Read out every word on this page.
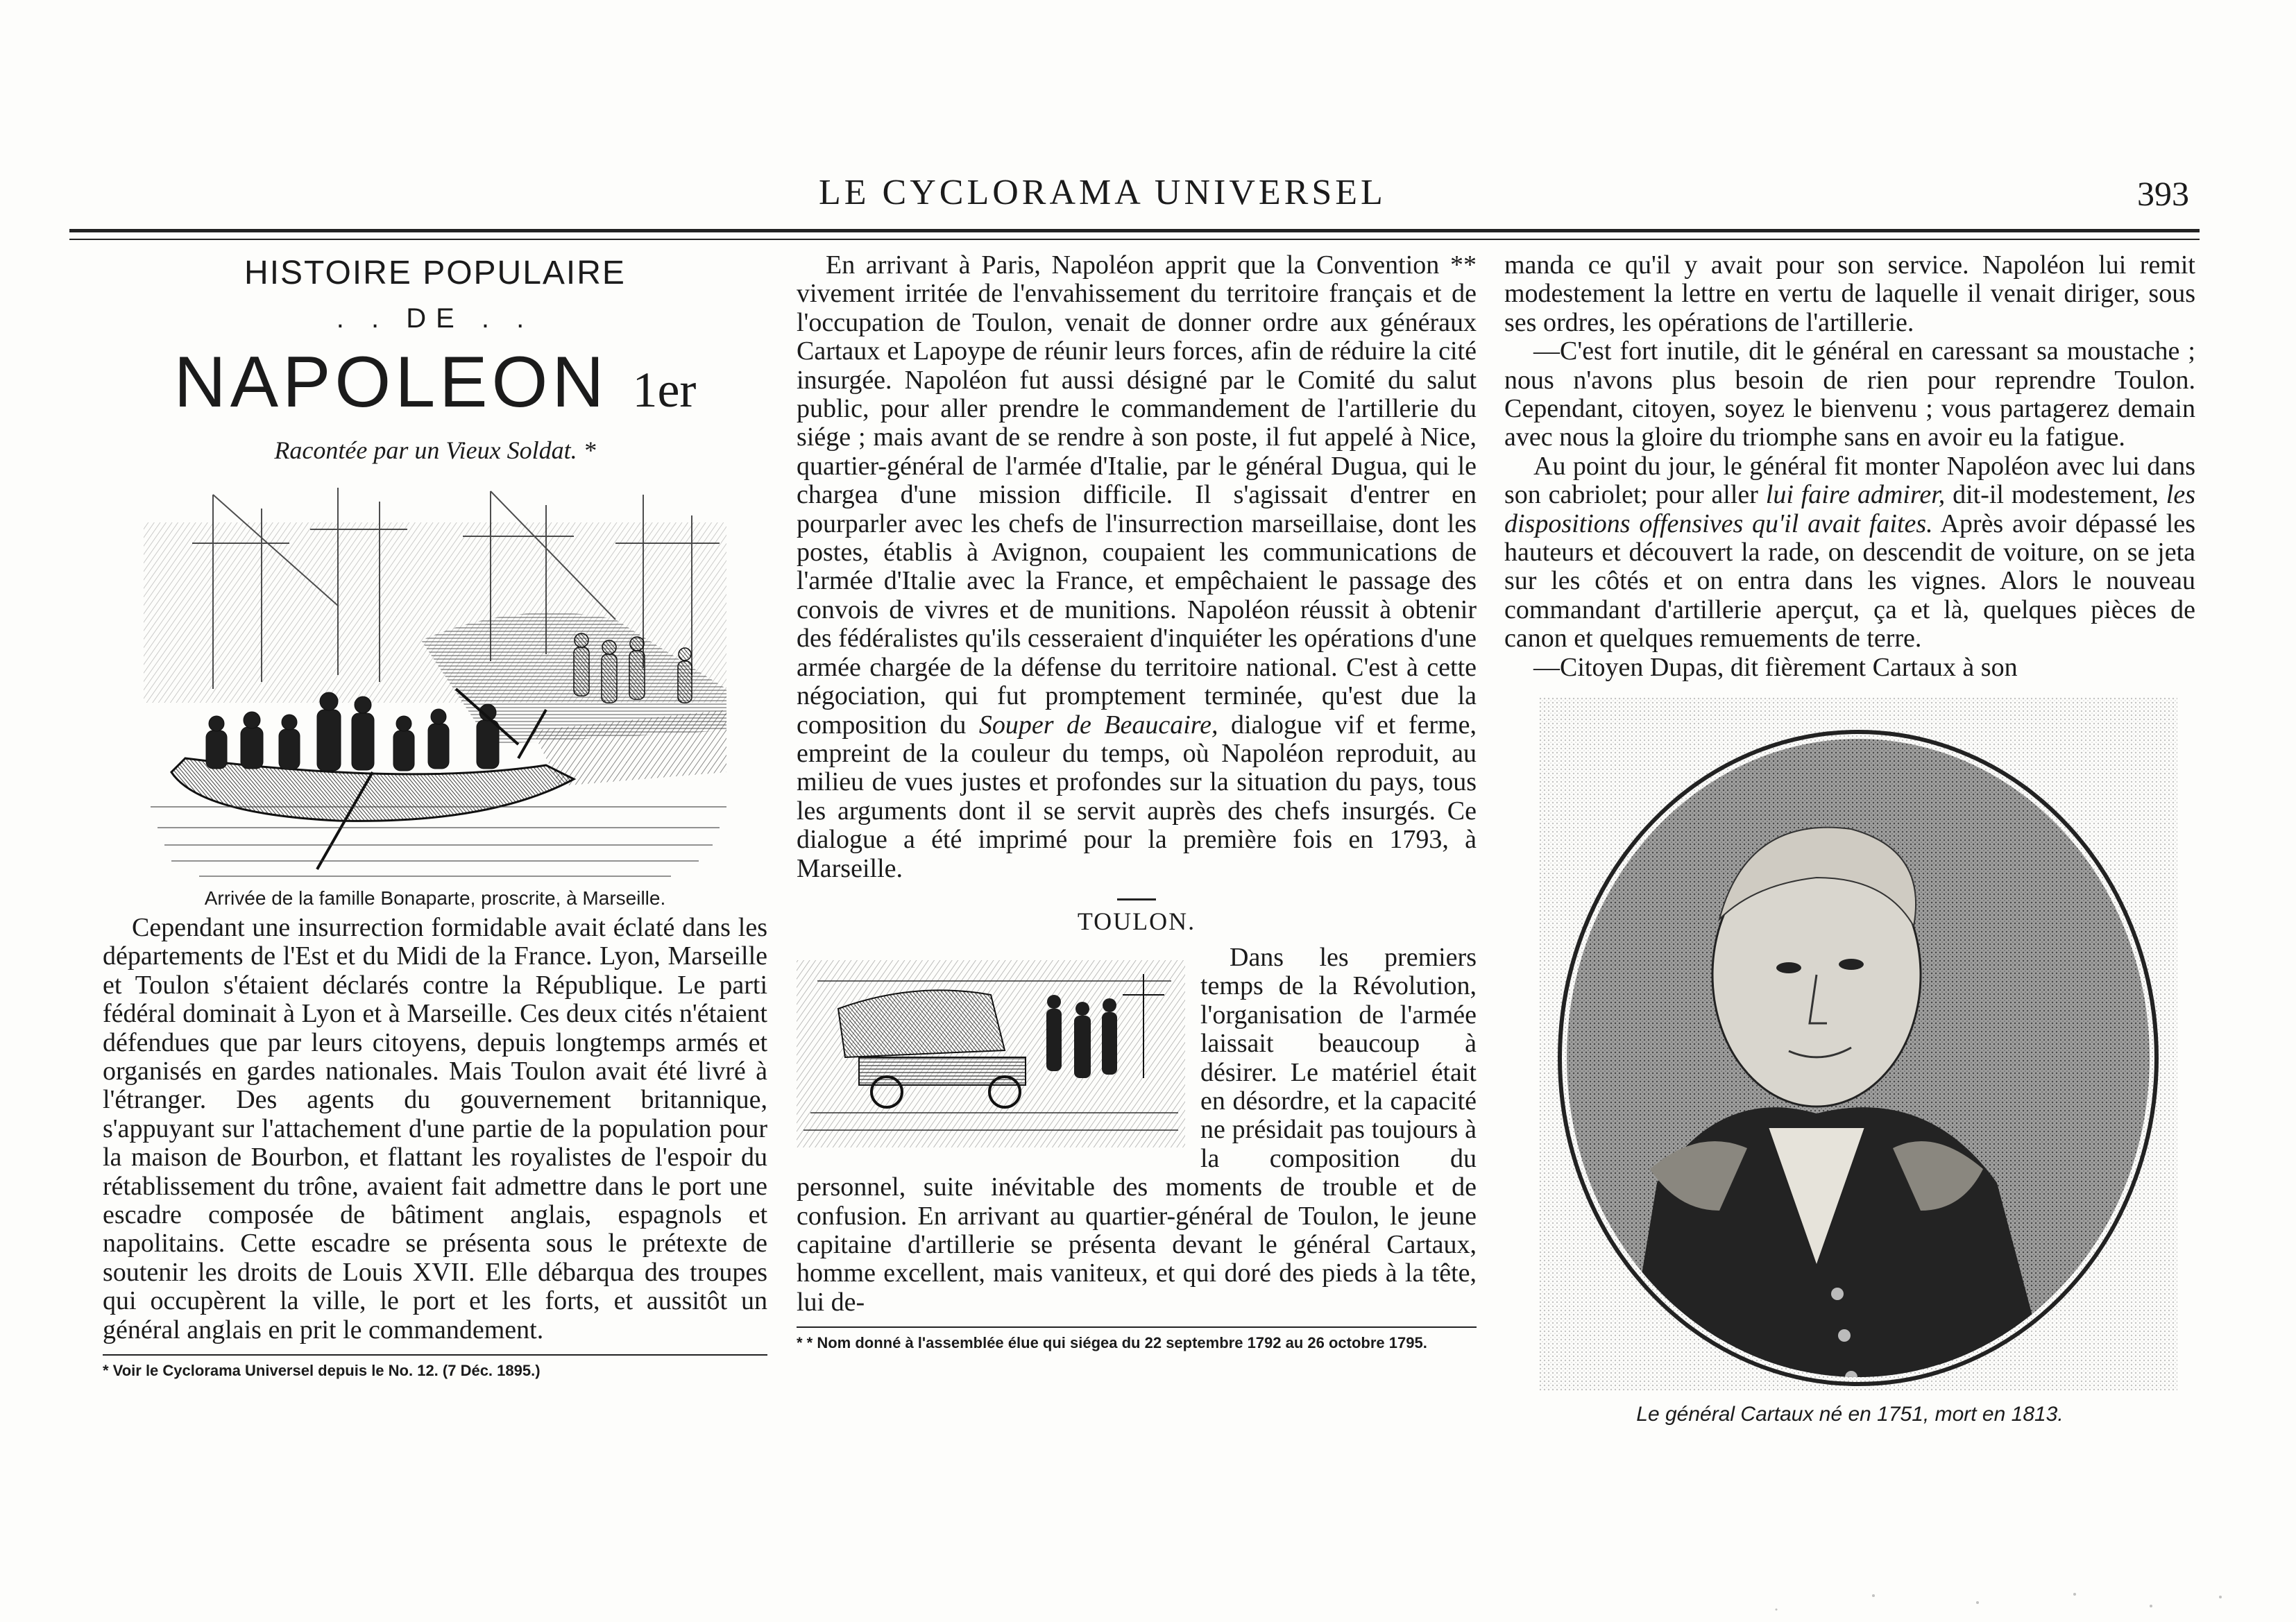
LE CYCLORAMA UNIVERSEL	393
HISTOIRE POPULAIRE
. . DE . .
NAPOLEON 1er
Racontée par un Vieux Soldat. *
Arrivée de la famille Bonaparte, proscrite, à Marseille.

Cependant une insurrection formidable avait éclaté dans les départements de l'Est et du Midi de la France. Lyon, Marseille et Toulon s'étaient déclarés contre la République. Le parti fédéral dominait à Lyon et à Marseille. Ces deux cités n'étaient défendues que par leurs citoyens, depuis longtemps armés et organisés en gardes nationales. Mais Toulon avait été livré à l'étranger. Des agents du gouvernement britannique, s'appuyant sur l'attachement d'une partie de la population pour la maison de Bourbon, et flattant les royalistes de l'espoir du rétablissement du trône, avaient fait admettre dans le port une escadre composée de bâtiment anglais, espagnols et napolitains. Cette escadre se présenta sous le prétexte de soutenir les droits de Louis XVII. Elle débarqua des troupes qui occupèrent la ville, le port et les forts, et aussitôt un général anglais en prit le commandement.

* Voir le Cyclorama Universel depuis le No. 12. (7 Déc. 1895.)

En arrivant à Paris, Napoléon apprit que la Convention ** vivement irritée de l'envahissement du territoire français et de l'occupation de Toulon, venait de donner ordre aux généraux Cartaux et Lapoype de réunir leurs forces, afin de réduire la cité insurgée. Napoléon fut aussi désigné par le Comité du salut public, pour aller prendre le commandement de l'artillerie du siége ; mais avant de se rendre à son poste, il fut appelé à Nice, quartier-général de l'armée d'Italie, par le général Dugua, qui le chargea d'une mission difficile. Il s'agissait d'entrer en pourparler avec les chefs de l'insurrection marseillaise, dont les postes, établis à Avignon, coupaient les communications de l'armée d'Italie avec la France, et empêchaient le passage des convois de vivres et de munitions. Napoléon réussit à obtenir des fédéralistes qu'ils cesseraient d'inquiéter les opérations d'une armée chargée de la défense du territoire national. C'est à cette négociation, qui fut promptement terminée, qu'est due la composition du Souper de Beaucaire, dialogue vif et ferme, empreint de la couleur du temps, où Napoléon reproduit, au milieu de vues justes et profondes sur la situation du pays, tous les arguments dont il se servit auprès des chefs insurgés. Ce dialogue a été imprimé pour la première fois en 1793, à Marseille.

TOULON.

Dans les premiers temps de la Révolution, l'organisation de l'armée laissait beaucoup à désirer. Le matériel était en désordre, et la capacité ne présidait pas toujours à la composition du personnel, suite inévitable des moments de trouble et de confusion. En arrivant au quartier-général de Toulon, le jeune capitaine d'artillerie se présenta devant le général Cartaux, homme excellent, mais vaniteux, et qui doré des pieds à la tête, lui de-

* * Nom donné à l'assemblée élue qui siégea du 22 septembre 1792 au 26 octobre 1795.

manda ce qu'il y avait pour son service. Napoléon lui remit modestement la lettre en vertu de laquelle il venait diriger, sous ses ordres, les opérations de l'artillerie.

—C'est fort inutile, dit le général en caressant sa moustache ; nous n'avons plus besoin de rien pour reprendre Toulon. Cependant, citoyen, soyez le bienvenu ; vous partagerez demain avec nous la gloire du triomphe sans en avoir eu la fatigue.

Au point du jour, le général fit monter Napoléon avec lui dans son cabriolet; pour aller lui faire admirer, dit-il modestement, les dispositions offensives qu'il avait faites. Après avoir dépassé les hauteurs et découvert la rade, on descendit de voiture, on se jeta sur les côtés et on entra dans les vignes. Alors le nouveau commandant d'artillerie aperçut, ça et là, quelques pièces de canon et quelques remuements de terre.

—Citoyen Dupas, dit fièrement Cartaux à son

Le général Cartaux né en 1751, mort en 1813.
